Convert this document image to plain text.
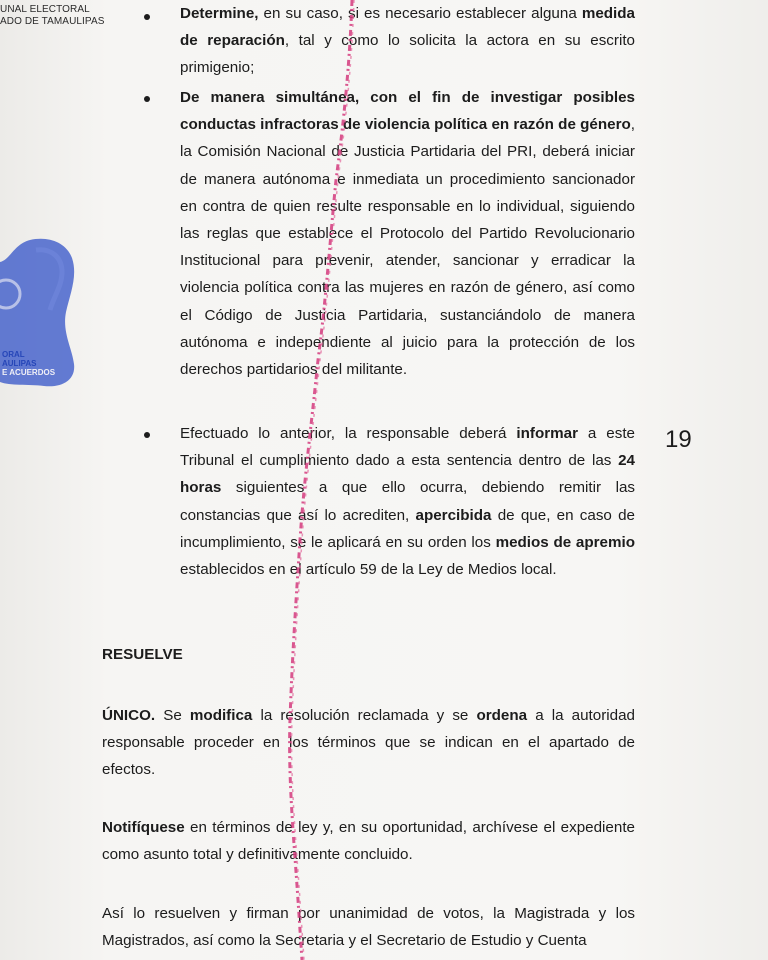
UNAL ELECTORAL
ADO DE TAMAULIPAS
ORAL
AULIPAS
E ACUERDOS
Determine, en su caso, si es necesario establecer alguna medida de reparación, tal y como lo solicita la actora en su escrito primigenio;
De manera simultánea, con el fin de investigar posibles conductas infractoras de violencia política en razón de género, la Comisión Nacional de Justicia Partidaria del PRI, deberá iniciar de manera autónoma e inmediata un procedimiento sancionador en contra de quien resulte responsable en lo individual, siguiendo las reglas que establece el Protocolo del Partido Revolucionario Institucional para prevenir, atender, sancionar y erradicar la violencia política contra las mujeres en razón de género, así como el Código de Justicia Partidaria, sustanciándolo de manera autónoma e independiente al juicio para la protección de los derechos partidarios del militante.
Efectuado lo anterior, la responsable deberá informar a este Tribunal el cumplimiento dado a esta sentencia dentro de las 24 horas siguientes a que ello ocurra, debiendo remitir las constancias que así lo acrediten, apercibida de que, en caso de incumplimiento, se le aplicará en su orden los medios de apremio establecidos en el artículo 59 de la Ley de Medios local.
19
RESUELVE
ÚNICO. Se modifica la resolución reclamada y se ordena a la autoridad responsable proceder en los términos que se indican en el apartado de efectos.
Notifíquese en términos de ley y, en su oportunidad, archívese el expediente como asunto total y definitivamente concluido.
Así lo resuelven y firman por unanimidad de votos, la Magistrada y los Magistrados, así como la Secretaria y el Secretario de Estudio y Cuenta
